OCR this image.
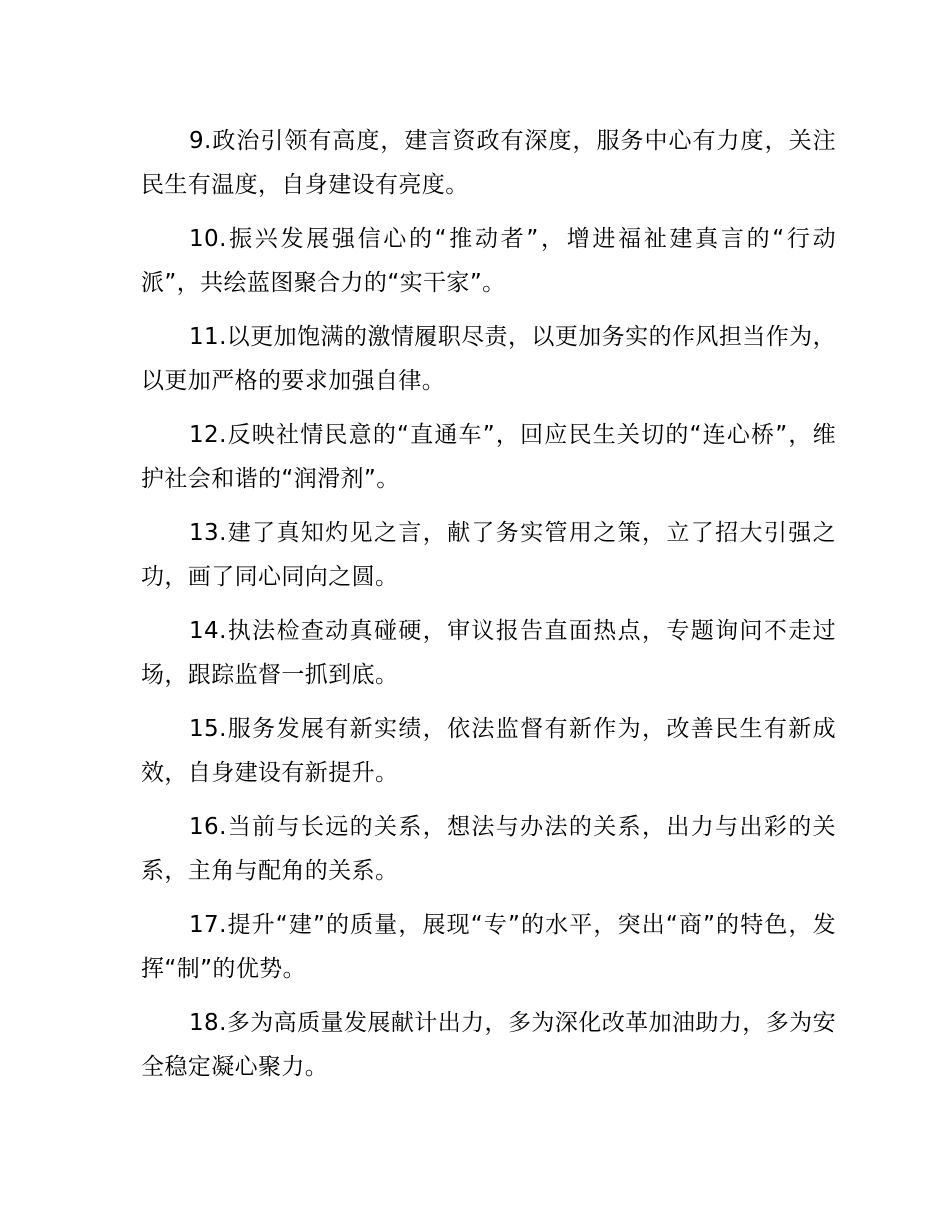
9.政治引领有高度，建言资政有深度，服务中心有力度，关注民生有温度，自身建设有亮度。

10.振兴发展强信心的“推动者”，增进福祉建真言的“行动派”，共绘蓝图聚合力的“实干家”。

11.以更加饱满的激情履职尽责，以更加务实的作风担当作为，以更加严格的要求加强自律。

12.反映社情民意的“直通车”，回应民生关切的“连心桥”，维护社会和谐的“润滑剂”。

13.建了真知灼见之言，献了务实管用之策，立了招大引强之功，画了同心同向之圆。

14.执法检查动真碰硬，审议报告直面热点，专题询问不走过场，跟踪监督一抓到底。

15.服务发展有新实绩，依法监督有新作为，改善民生有新成效，自身建设有新提升。

16.当前与长远的关系，想法与办法的关系，出力与出彩的关系，主角与配角的关系。

17.提升“建”的质量，展现“专”的水平，突出“商”的特色，发挥“制”的优势。

18.多为高质量发展献计出力，多为深化改革加油助力，多为安全稳定凝心聚力。
